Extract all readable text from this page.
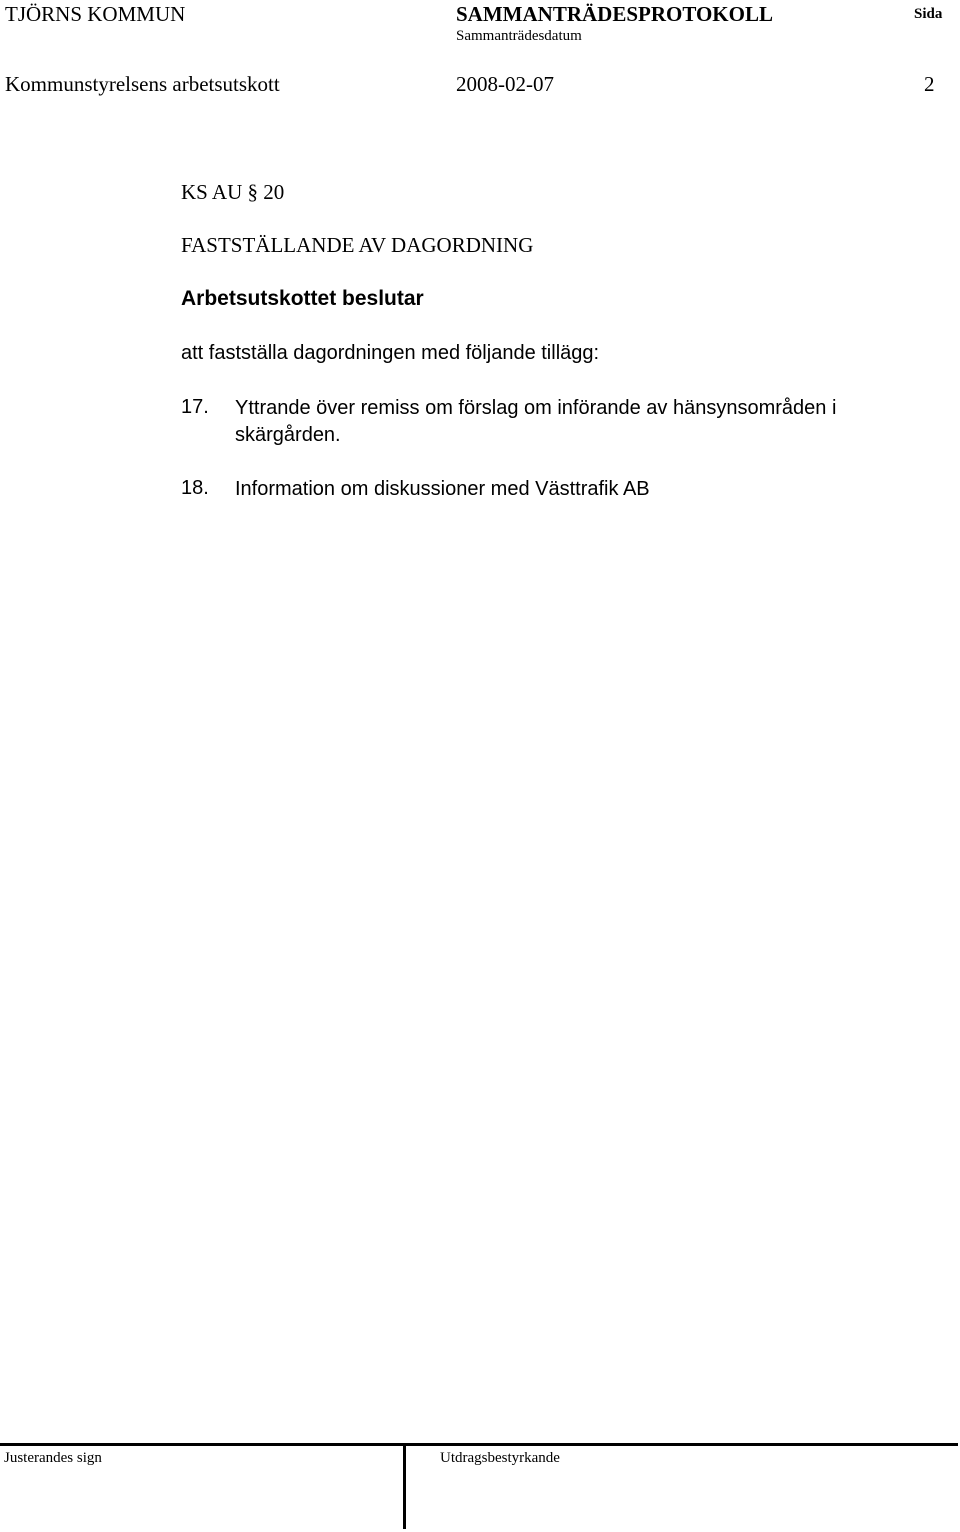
TJÖRNS KOMMUN	SAMMANTRÄDESPROTOKOLL	Sida
Sammanträdesdatum
Kommunstyrelsens arbetsutskott	2008-02-07	2
KS AU § 20
FASTSTÄLLANDE AV DAGORDNING
Arbetsutskottet beslutar
att fastställa dagordningen med följande tillägg:
17. Yttrande över remiss om förslag om införande av hänsynsområden i skärgården.
18. Information om diskussioner med Västtrafik AB
Justerandes sign	Utdragsbestyrkande
